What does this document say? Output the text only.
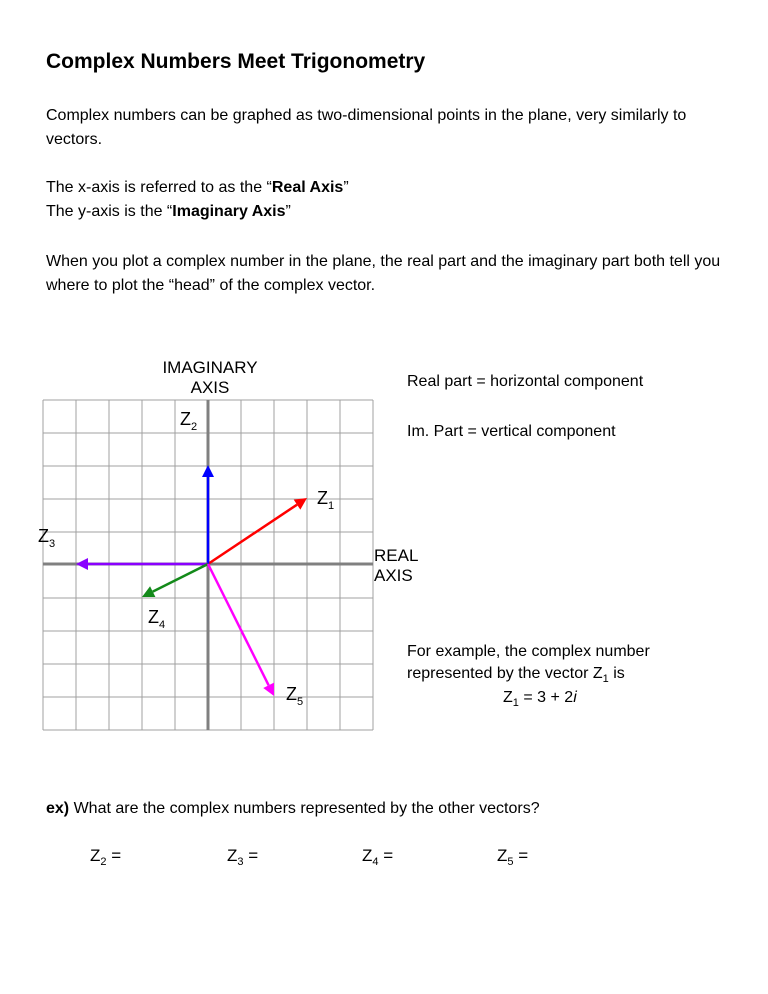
Complex Numbers Meet Trigonometry
Complex numbers can be graphed as two-dimensional points in the plane, very similarly to vectors.
The x-axis is referred to as the “Real Axis”
The y-axis is the “Imaginary Axis”
When you plot a complex number in the plane, the real part and the imaginary part both tell you where to plot the “head” of the complex vector.
IMAGINARY
AXIS
REAL
AXIS
$Z_1$
$Z_2$
$Z_3$
$Z_4$
$Z_5$
Real part = horizontal component
Im. Part = vertical component
For example, the complex number
represented by the vector $Z_1$ is
$Z_1 = 3 + 2i$
ex) What are the complex numbers represented by the other vectors?
$Z_2$ =	$Z_3$ =	$Z_4$ =	$Z_5$ =
